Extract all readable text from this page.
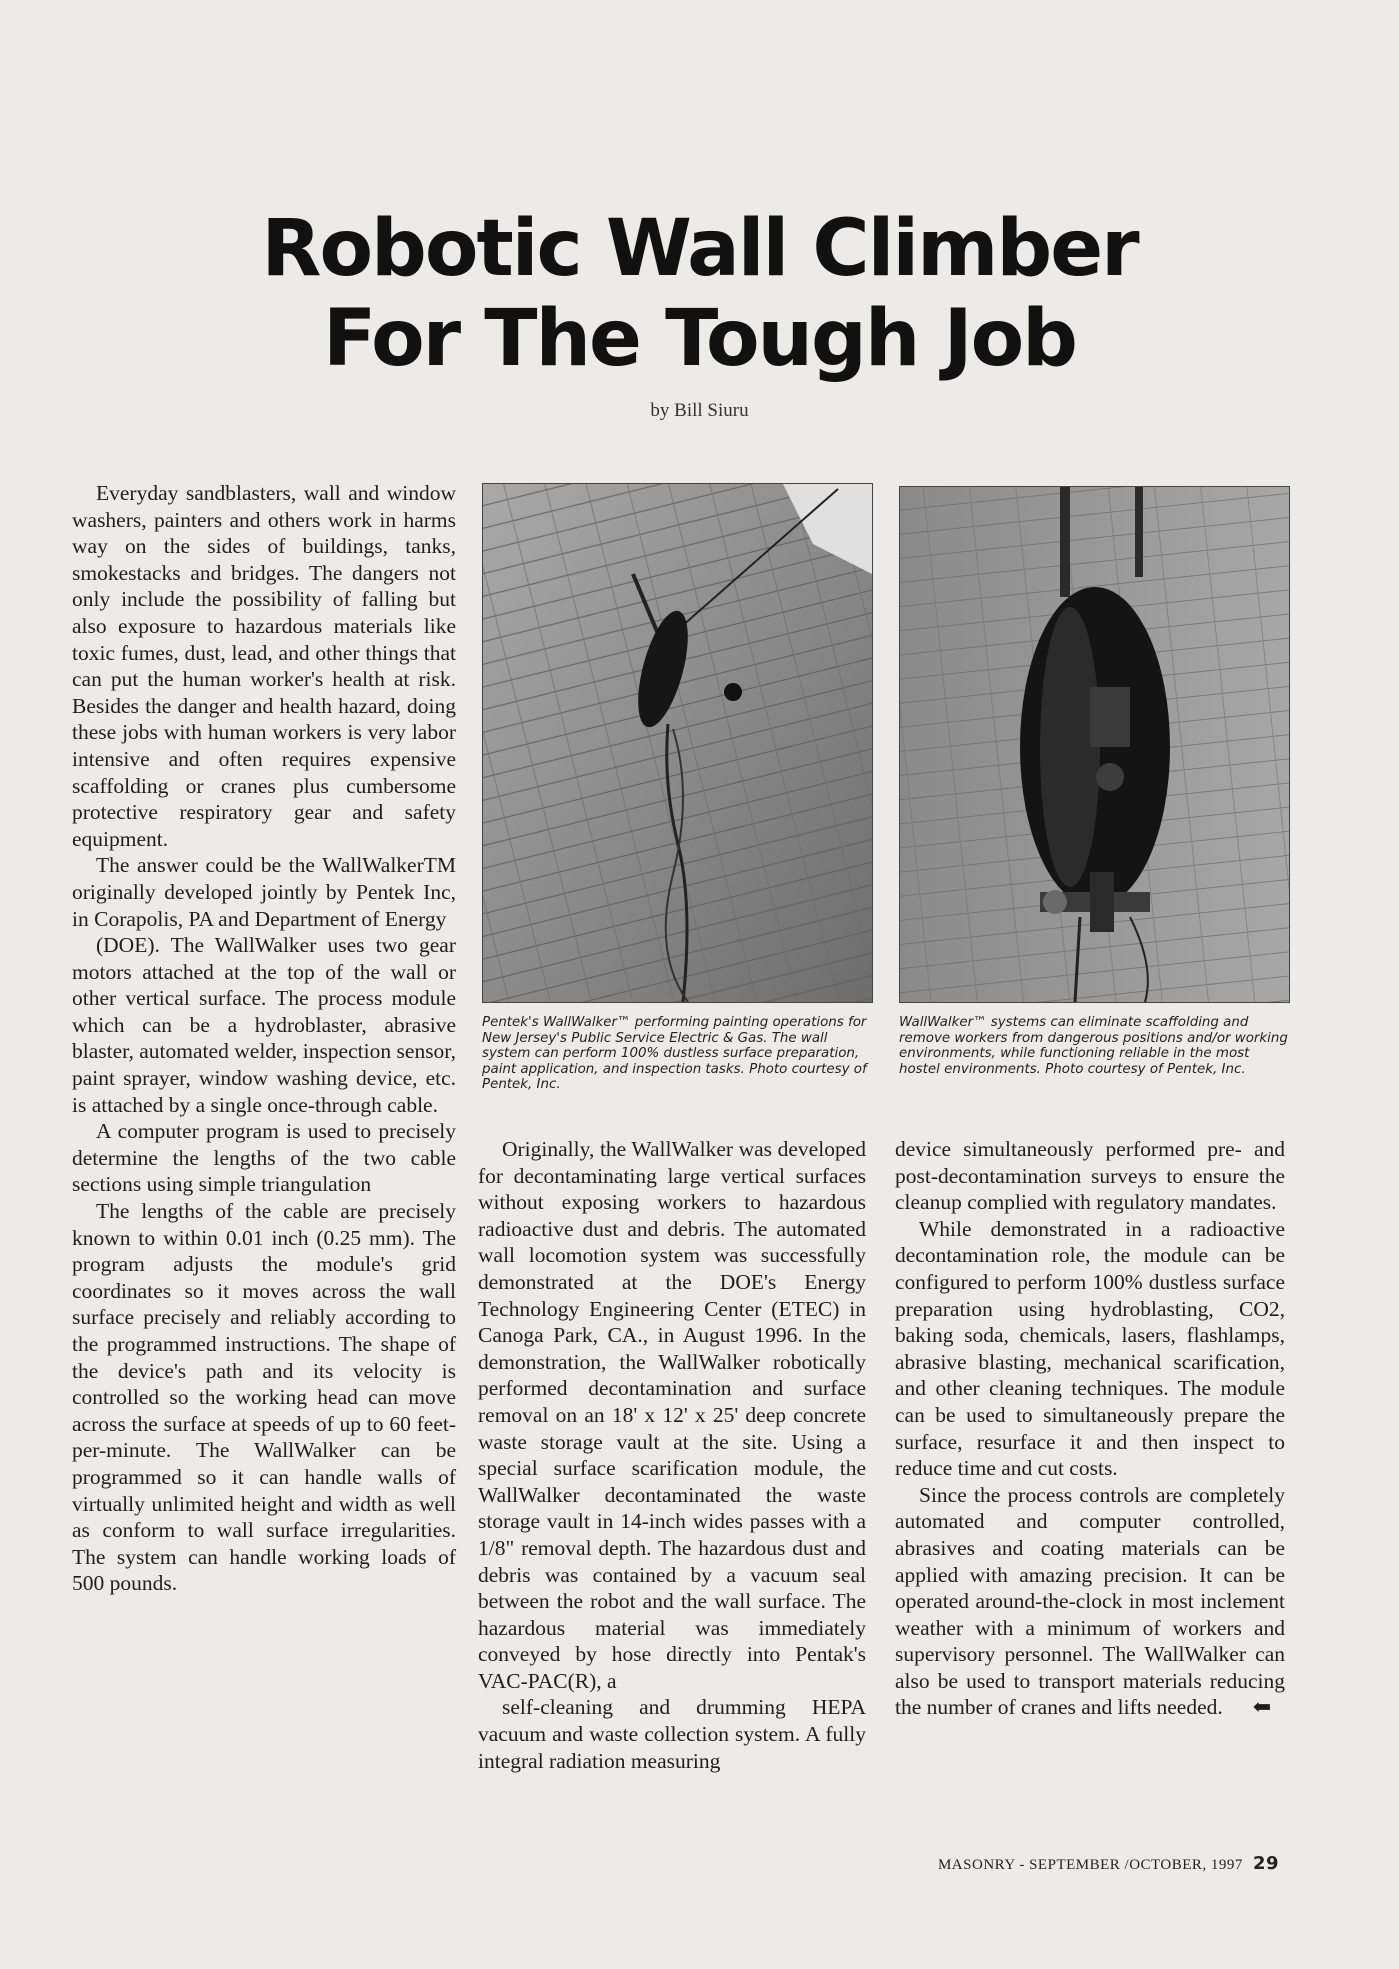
Robotic Wall Climber
For The Tough Job
by Bill Siuru

Everyday sandblasters, wall and window washers, painters and others work in harms way on the sides of buildings, tanks, smokestacks and bridges. The dangers not only include the possibility of falling but also exposure to hazardous materials like toxic fumes, dust, lead, and other things that can put the human worker's health at risk. Besides the danger and health hazard, doing these jobs with human workers is very labor intensive and often requires expensive scaffolding or cranes plus cumbersome protective respiratory gear and safety equipment.

The answer could be the WallWalkerTM originally developed jointly by Pentek Inc, in Corapolis, PA and Department of Energy

(DOE). The WallWalker uses two gear motors attached at the top of the wall or other vertical surface. The process module which can be a hydroblaster, abrasive blaster, automated welder, inspection sensor, paint sprayer, window washing device, etc. is attached by a single once-through cable.

A computer program is used to precisely determine the lengths of the two cable sections using simple triangulation

The lengths of the cable are precisely known to within 0.01 inch (0.25 mm). The program adjusts the module's grid coordinates so it moves across the wall surface precisely and reliably according to the programmed instructions. The shape of the device's path and its velocity is controlled so the working head can move across the surface at speeds of up to 60 feet-per-minute. The WallWalker can be programmed so it can handle walls of virtually unlimited height and width as well as conform to wall surface irregularities. The system can handle working loads of 500 pounds.

Pentek's WallWalker™ performing painting operations for New Jersey's Public Service Electric & Gas. The wall system can perform 100% dustless surface preparation, paint application, and inspection tasks. Photo courtesy of Pentek, Inc.
WallWalker™ systems can eliminate scaffolding and remove workers from dangerous positions and/or working environments, while functioning reliable in the most hostel environments. Photo courtesy of Pentek, Inc.

Originally, the WallWalker was developed for decontaminating large vertical surfaces without exposing workers to hazardous radioactive dust and debris. The automated wall locomotion system was successfully demonstrated at the DOE's Energy Technology Engineering Center (ETEC) in Canoga Park, CA., in August 1996. In the demonstration, the WallWalker robotically performed decontamination and surface removal on an 18' x 12' x 25' deep concrete waste storage vault at the site. Using a special surface scarification module, the WallWalker decontaminated the waste storage vault in 14-inch wides passes with a 1/8" removal depth. The hazardous dust and debris was contained by a vacuum seal between the robot and the wall surface. The hazardous material was immediately conveyed by hose directly into Pentak's VAC-PAC(R), a

self-cleaning and drumming HEPA vacuum and waste collection system. A fully integral radiation measuring

device simultaneously performed pre- and post-decontamination surveys to ensure the cleanup complied with regulatory mandates.

While demonstrated in a radioactive decontamination role, the module can be configured to perform 100% dustless surface preparation using hydroblasting, CO2, baking soda, chemicals, lasers, flashlamps, abrasive blasting, mechanical scarification, and other cleaning techniques. The module can be used to simultaneously prepare the surface, resurface it and then inspect to reduce time and cut costs.

Since the process controls are completely automated and computer controlled, abrasives and coating materials can be applied with amazing precision. It can be operated around-the-clock in most inclement weather with a minimum of workers and supervisory personnel. The WallWalker can also be used to transport materials reducing the number of cranes and lifts needed. ⬅

MASONRY - SEPTEMBER /OCTOBER, 1997 29
